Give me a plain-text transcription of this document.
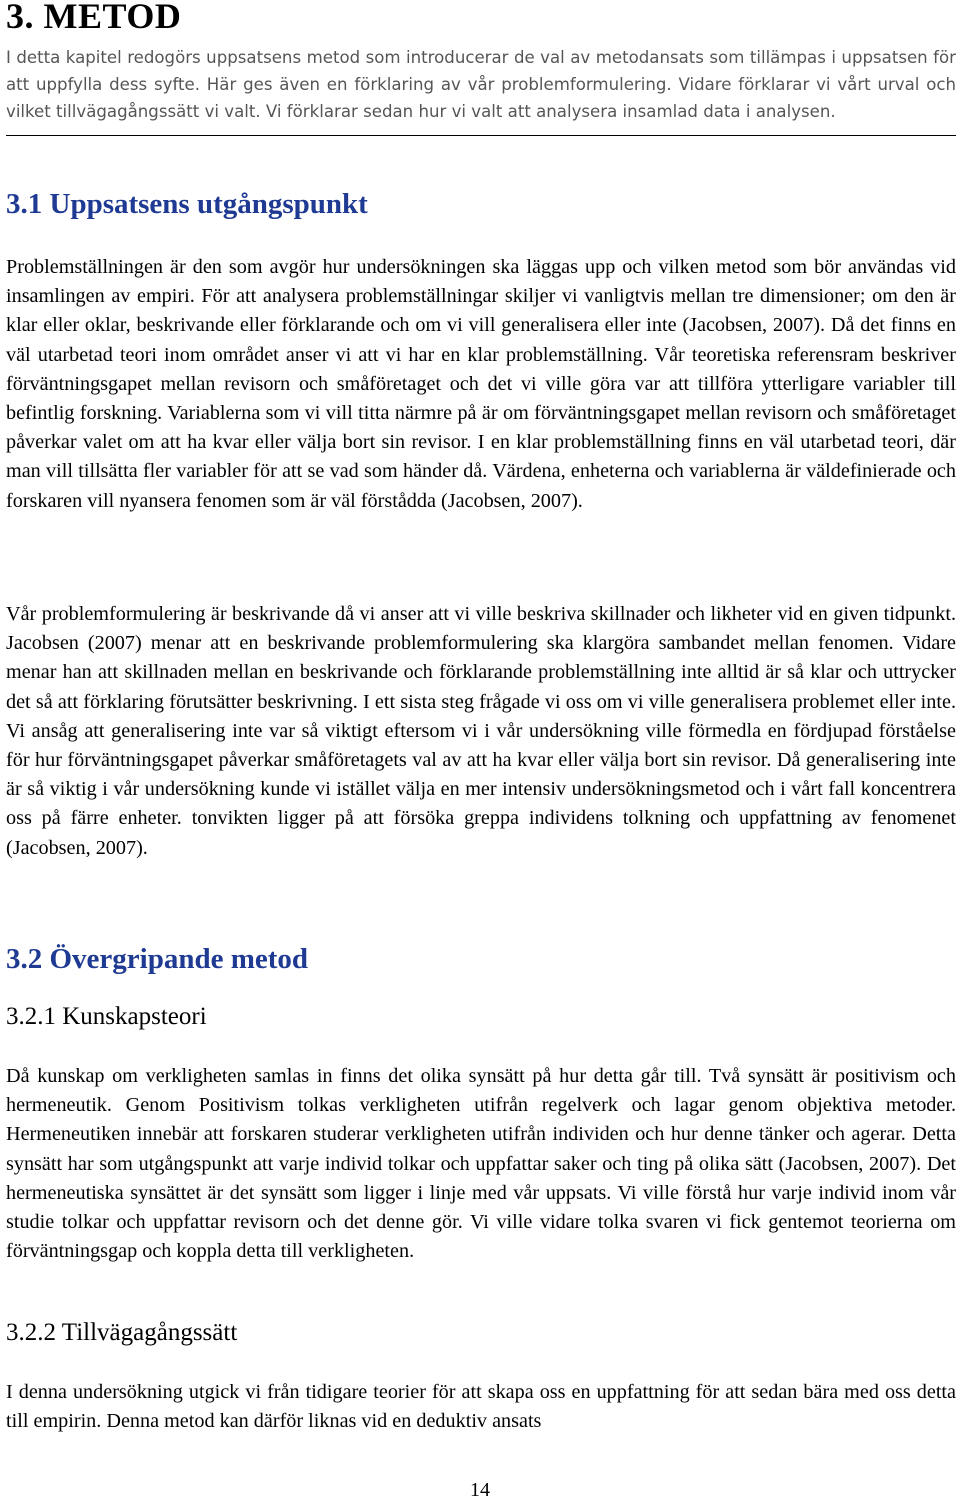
3. METOD

I detta kapitel redogörs uppsatsens metod som introducerar de val av metodansats som tillämpas i uppsatsen för att uppfylla dess syfte. Här ges även en förklaring av vår problemformulering. Vidare förklarar vi vårt urval och vilket tillvägagångssätt vi valt. Vi förklarar sedan hur vi valt att analysera insamlad data i analysen.

3.1 Uppsatsens utgångspunkt

Problemställningen är den som avgör hur undersökningen ska läggas upp och vilken metod som bör användas vid insamlingen av empiri. För att analysera problemställningar skiljer vi vanligtvis mellan tre dimensioner; om den är klar eller oklar, beskrivande eller förklarande och om vi vill generalisera eller inte (Jacobsen, 2007). Då det finns en väl utarbetad teori inom området anser vi att vi har en klar problemställning. Vår teoretiska referensram beskriver förväntningsgapet mellan revisorn och småföretaget och det vi ville göra var att tillföra ytterligare variabler till befintlig forskning. Variablerna som vi vill titta närmre på är om förväntningsgapet mellan revisorn och småföretaget påverkar valet om att ha kvar eller välja bort sin revisor. I en klar problemställning finns en väl utarbetad teori, där man vill tillsätta fler variabler för att se vad som händer då. Värdena, enheterna och variablerna är väldefinierade och forskaren vill nyansera fenomen som är väl förstådda (Jacobsen, 2007).

Vår problemformulering är beskrivande då vi anser att vi ville beskriva skillnader och likheter vid en given tidpunkt. Jacobsen (2007) menar att en beskrivande problemformulering ska klargöra sambandet mellan fenomen. Vidare menar han att skillnaden mellan en beskrivande och förklarande problemställning inte alltid är så klar och uttrycker det så att förklaring förutsätter beskrivning. I ett sista steg frågade vi oss om vi ville generalisera problemet eller inte. Vi ansåg att generalisering inte var så viktigt eftersom vi i vår undersökning ville förmedla en fördjupad förståelse för hur förväntningsgapet påverkar småföretagets val av att ha kvar eller välja bort sin revisor. Då generalisering inte är så viktig i vår undersökning kunde vi istället välja en mer intensiv undersökningsmetod och i vårt fall koncentrera oss på färre enheter. tonvikten ligger på att försöka greppa individens tolkning och uppfattning av fenomenet (Jacobsen, 2007).

3.2 Övergripande metod
3.2.1 Kunskapsteori

Då kunskap om verkligheten samlas in finns det olika synsätt på hur detta går till. Två synsätt är positivism och hermeneutik. Genom Positivism tolkas verkligheten utifrån regelverk och lagar genom objektiva metoder. Hermeneutiken innebär att forskaren studerar verkligheten utifrån individen och hur denne tänker och agerar. Detta synsätt har som utgångspunkt att varje individ tolkar och uppfattar saker och ting på olika sätt (Jacobsen, 2007). Det hermeneutiska synsättet är det synsätt som ligger i linje med vår uppsats. Vi ville förstå hur varje individ inom vår studie tolkar och uppfattar revisorn och det denne gör. Vi ville vidare tolka svaren vi fick gentemot teorierna om förväntningsgap och koppla detta till verkligheten.

3.2.2 Tillvägagångssätt

I denna undersökning utgick vi från tidigare teorier för att skapa oss en uppfattning för att sedan bära med oss detta till empirin. Denna metod kan därför liknas vid en deduktiv ansats

14
